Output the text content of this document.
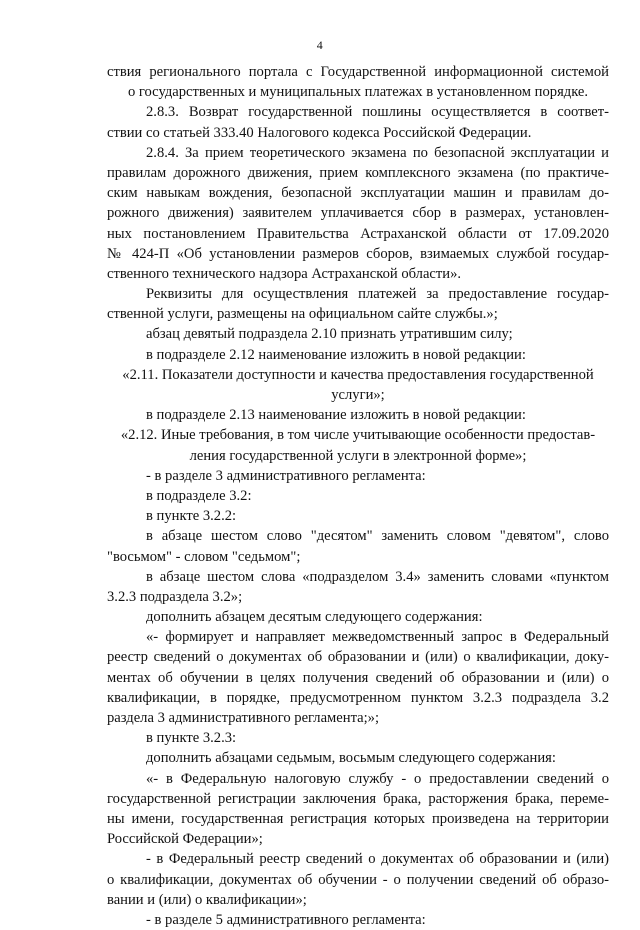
4
ствия регионального портала с Государственной информационной системой
о государственных и муниципальных платежах в установленном порядке.
2.8.3. Возврат государственной пошлины осуществляется в соответ-
ствии со статьей 333.40 Налогового кодекса Российской Федерации.
2.8.4. За прием теоретического экзамена по безопасной эксплуатации и
правилам дорожного движения, прием комплексного экзамена (по практиче-
ским навыкам вождения, безопасной эксплуатации машин и правилам до-
рожного движения) заявителем уплачивается сбор в размерах, установлен-
ных постановлением Правительства Астраханской области от 17.09.2020
№ 424-П «Об установлении размеров сборов, взимаемых службой государ-
ственного технического надзора Астраханской области».
Реквизиты для осуществления платежей за предоставление государ-
ственной услуги, размещены на официальном сайте службы.»;
абзац девятый подраздела 2.10 признать утратившим силу;
в подразделе 2.12 наименование изложить в новой редакции:
«2.11. Показатели доступности и качества предоставления государственной
услуги»;
в подразделе 2.13 наименование изложить в новой редакции:
«2.12. Иные требования, в том числе учитывающие особенности предостав-
ления государственной услуги в электронной форме»;
- в разделе 3 административного регламента:
в подразделе 3.2:
в пункте 3.2.2:
в абзаце шестом слово "десятом" заменить словом "девятом", слово
"восьмом" - словом "седьмом";
в абзаце шестом слова «подразделом 3.4» заменить словами «пунктом
3.2.3 подраздела 3.2»;
дополнить абзацем десятым следующего содержания:
«- формирует и направляет межведомственный запрос в Федеральный
реестр сведений о документах об образовании и (или) о квалификации, доку-
ментах об обучении в целях получения сведений об образовании и (или) о
квалификации, в порядке, предусмотренном пунктом 3.2.3 подраздела 3.2
раздела 3 административного регламента;»;
в пункте 3.2.3:
дополнить абзацами седьмым, восьмым следующего содержания:
«- в Федеральную налоговую службу - о предоставлении сведений о
государственной регистрации заключения брака, расторжения брака, переме-
ны имени, государственная регистрация которых произведена на территории
Российской Федерации»;
- в Федеральный реестр сведений о документах об образовании и (или)
о квалификации, документах об обучении - о получении сведений об образо-
вании и (или) о квалификации»;
- в разделе 5 административного регламента:
